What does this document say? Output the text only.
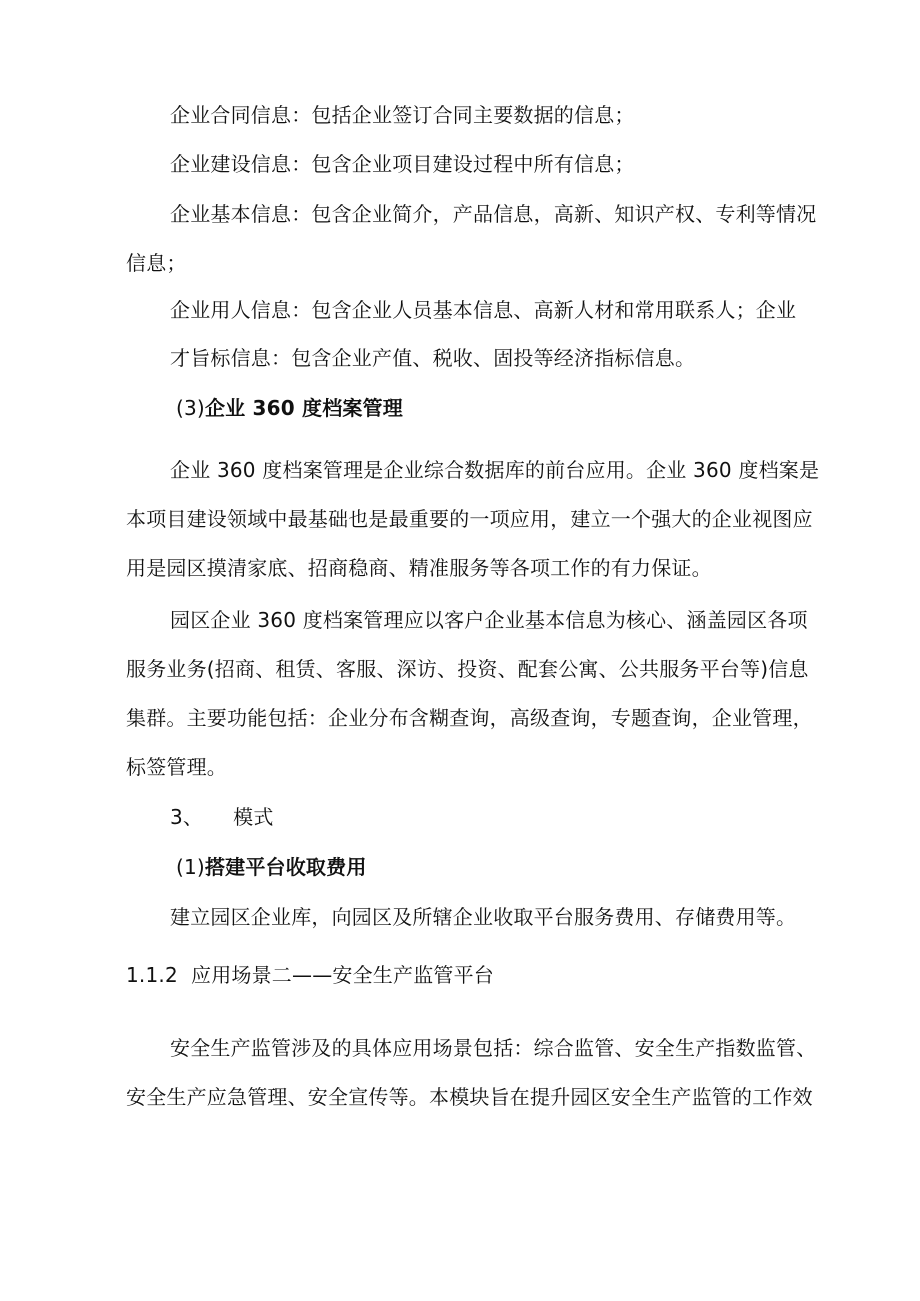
企业合同信息：包括企业签订合同主要数据的信息；
企业建设信息：包含企业项目建设过程中所有信息；
企业基本信息：包含企业简介，产品信息，高新、知识产权、专利等情况
信息；
企业用人信息：包含企业人员基本信息、高新人材和常用联系人；企业
才旨标信息：包含企业产值、税收、固投等经济指标信息。
(3)企业 360 度档案管理
企业 360 度档案管理是企业综合数据库的前台应用。企业 360 度档案是
本项目建设领域中最基础也是最重要的一项应用，建立一个强大的企业视图应
用是园区摸清家底、招商稳商、精准服务等各项工作的有力保证。
园区企业 360 度档案管理应以客户企业基本信息为核心、涵盖园区各项
服务业务(招商、租赁、客服、深访、投资、配套公寓、公共服务平台等)信息
集群。主要功能包括：企业分布含糊查询，高级查询，专题查询，企业管理，
标签管理。
3、 模式
(1)搭建平台收取费用
建立园区企业库，向园区及所辖企业收取平台服务费用、存储费用等。
1.1.2  应用场景二——安全生产监管平台
安全生产监管涉及的具体应用场景包括：综合监管、安全生产指数监管、
安全生产应急管理、安全宣传等。本模块旨在提升园区安全生产监管的工作效
